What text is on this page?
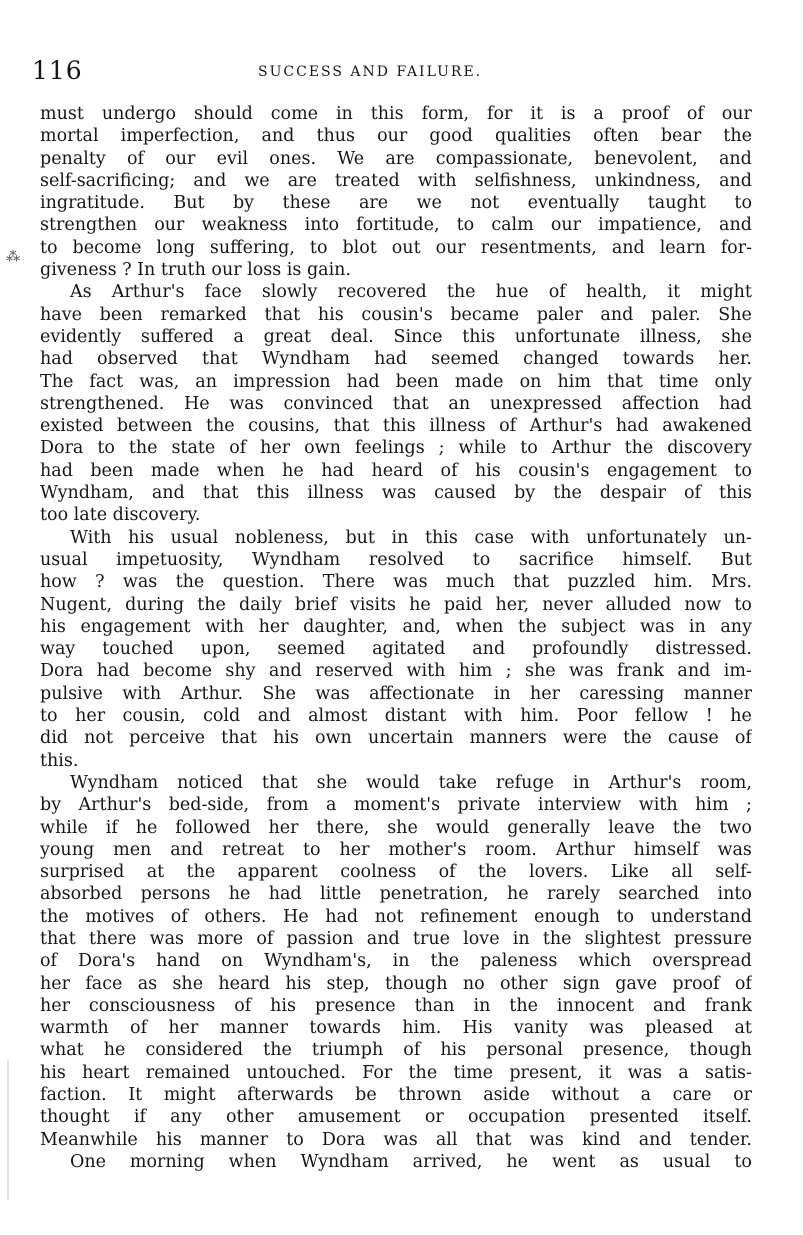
116	SUCCESS AND FAILURE.
⁂
must undergo should come in this form, for it is a proof of our
mortal imperfection, and thus our good qualities often bear the
penalty of our evil ones. We are compassionate, benevolent, and
self-sacrificing; and we are treated with selfishness, unkindness, and
ingratitude. But by these are we not eventually taught to
strengthen our weakness into fortitude, to calm our impatience, and
to become long suffering, to blot out our resentments, and learn for-
giveness ? In truth our loss is gain.
As Arthur's face slowly recovered the hue of health, it might
have been remarked that his cousin's became paler and paler. She
evidently suffered a great deal. Since this unfortunate illness, she
had observed that Wyndham had seemed changed towards her.
The fact was, an impression had been made on him that time only
strengthened. He was convinced that an unexpressed affection had
existed between the cousins, that this illness of Arthur's had awakened
Dora to the state of her own feelings ; while to Arthur the discovery
had been made when he had heard of his cousin's engagement to
Wyndham, and that this illness was caused by the despair of this
too late discovery.
With his usual nobleness, but in this case with unfortunately un-
usual impetuosity, Wyndham resolved to sacrifice himself. But
how ? was the question. There was much that puzzled him. Mrs.
Nugent, during the daily brief visits he paid her, never alluded now to
his engagement with her daughter, and, when the subject was in any
way touched upon, seemed agitated and profoundly distressed.
Dora had become shy and reserved with him ; she was frank and im-
pulsive with Arthur. She was affectionate in her caressing manner
to her cousin, cold and almost distant with him. Poor fellow ! he
did not perceive that his own uncertain manners were the cause of
this.
Wyndham noticed that she would take refuge in Arthur's room,
by Arthur's bed-side, from a moment's private interview with him ;
while if he followed her there, she would generally leave the two
young men and retreat to her mother's room. Arthur himself was
surprised at the apparent coolness of the lovers. Like all self-
absorbed persons he had little penetration, he rarely searched into
the motives of others. He had not refinement enough to understand
that there was more of passion and true love in the slightest pressure
of Dora's hand on Wyndham's, in the paleness which overspread
her face as she heard his step, though no other sign gave proof of
her consciousness of his presence than in the innocent and frank
warmth of her manner towards him. His vanity was pleased at
what he considered the triumph of his personal presence, though
his heart remained untouched. For the time present, it was a satis-
faction. It might afterwards be thrown aside without a care or
thought if any other amusement or occupation presented itself.
Meanwhile his manner to Dora was all that was kind and tender.
One morning when Wyndham arrived, he went as usual to
